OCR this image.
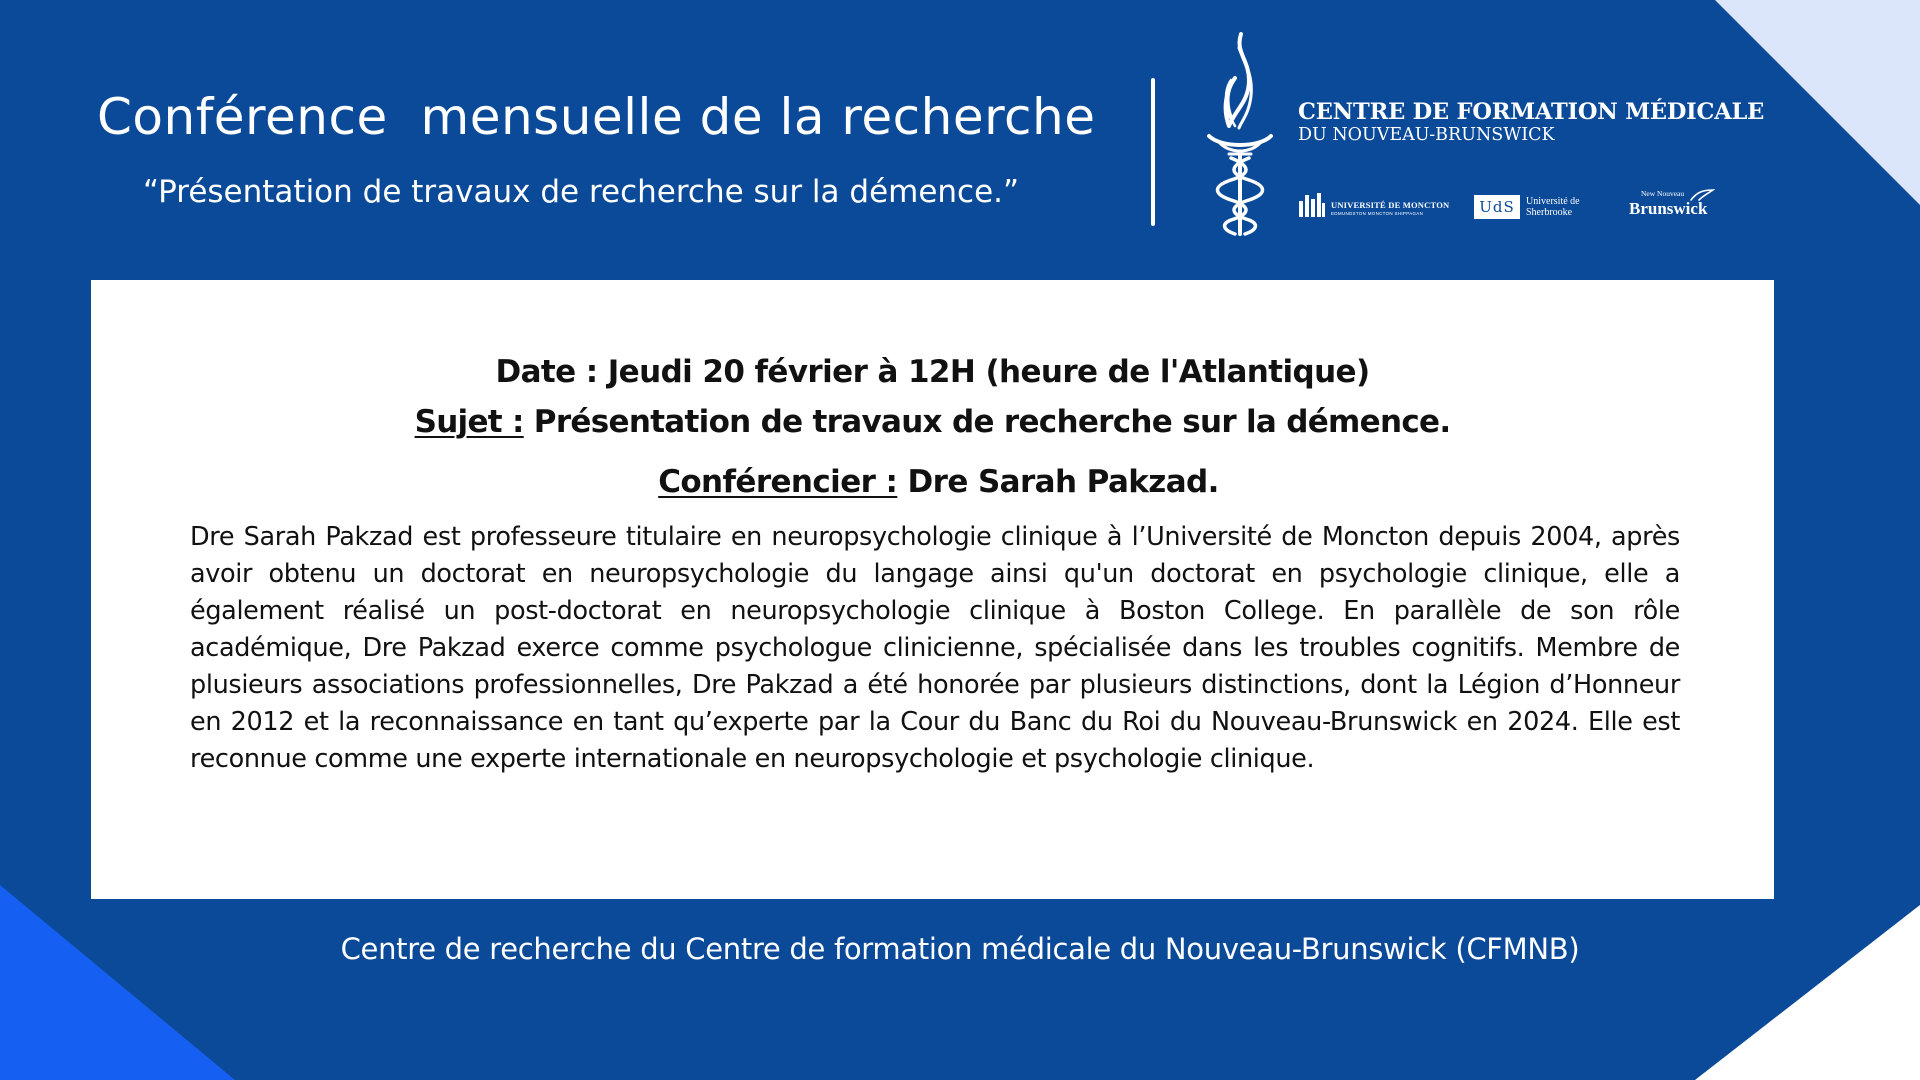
Conférence  mensuelle de la recherche

“Présentation de travaux de recherche sur la démence.”

CENTRE DE FORMATION MÉDICALE
DU NOUVEAU-BRUNSWICK
UNIVERSITÉ DE MONCTON
EDMUNDSTON MONCTON SHIPPAGAN	UdS	Université de
Sherbrooke
New Nouveau
Brunswick

Date : Jeudi 20 février à 12H (heure de l'Atlantique)

Sujet : Présentation de travaux de recherche sur la démence.

Conférencier : Dre Sarah Pakzad.

Dre Sarah Pakzad est professeure titulaire en neuropsychologie clinique à l’Université de Moncton depuis 2004, après avoir obtenu un doctorat en neuropsychologie du langage ainsi qu'un doctorat en psychologie clinique, elle a également réalisé un post-doctorat en neuropsychologie clinique à Boston College. En parallèle de son rôle académique, Dre Pakzad exerce comme psychologue clinicienne, spécialisée dans les troubles cognitifs. Membre de plusieurs associations professionnelles, Dre Pakzad a été honorée par plusieurs distinctions, dont la Légion d’Honneur en 2012 et la reconnaissance en tant qu’experte par la Cour du Banc du Roi du Nouveau-Brunswick en 2024. Elle est reconnue comme une experte internationale en neuropsychologie et psychologie clinique.

Centre de recherche du Centre de formation médicale du Nouveau-Brunswick (CFMNB)
